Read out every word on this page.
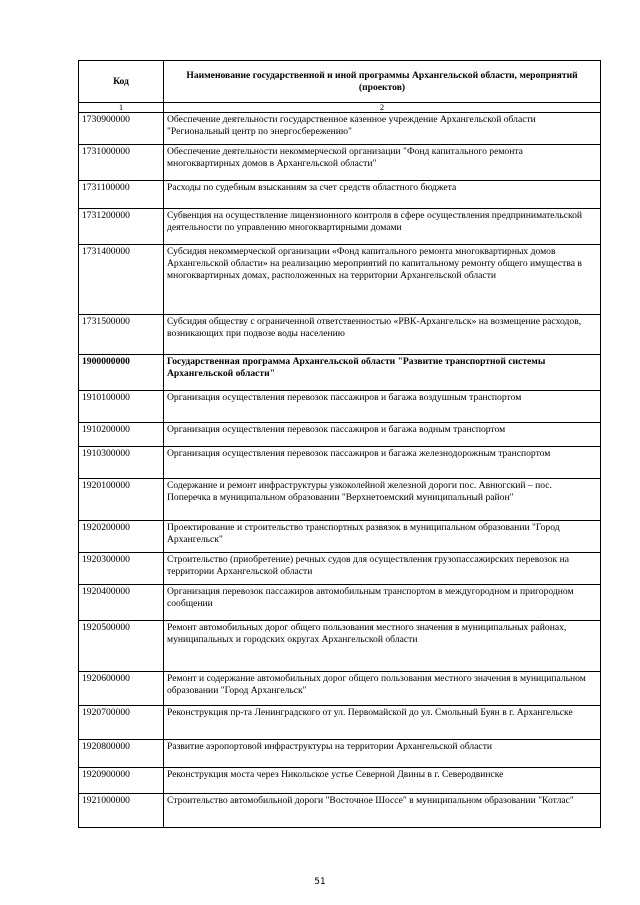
Код	Наименование государственной и иной программы Архангельской области, мероприятий (проектов)
1	2
1730900000	Обеспечение деятельности государственное казенное учреждение Архангельской области "Региональный центр по энергосбережению"
1731000000	Обеспечение деятельности некоммерческой организации "Фонд капитального ремонта многоквартирных домов в Архангельской области"
1731100000	Расходы по судебным взысканиям за счет средств областного бюджета
1731200000	Субвенция на осуществление лицензионного контроля в сфере осуществления предпринимательской деятельности по управлению многоквартирными домами
1731400000	Субсидия некоммерческой организации «Фонд капитального ремонта многоквартирных домов Архангельской области» на реализацию мероприятий по капитальному ремонту общего имущества в многоквартирных домах, расположенных на территории Архангельской области
1731500000	Субсидия обществу с ограниченной ответственностью «РВК-Архангельск» на возмещение расходов, возникающих при подвозе воды населению
1900000000	Государственная программа Архангельской области "Развитие транспортной системы Архангельской области"
1910100000	Организация осуществления перевозок пассажиров и багажа воздушным транспортом
1910200000	Организация осуществления перевозок пассажиров и багажа водным транспортом
1910300000	Организация осуществления перевозок пассажиров и багажа железнодорожным транспортом
1920100000	Содержание и ремонт инфраструктуры узкоколейной железной дороги пос. Авнюгский – пос. Поперечка в муниципальном образовании "Верхнетоемский муниципальный район"
1920200000	Проектирование и строительство транспортных развязок в муниципальном образовании "Город Архангельск"
1920300000	Строительство (приобретение) речных судов для осуществления грузопассажирских перевозок на территории Архангельской области
1920400000	Организация перевозок пассажиров автомобильным транспортом в междугородном и пригородном сообщении
1920500000	Ремонт автомобильных дорог общего пользования местного значения в муниципальных районах, муниципальных и городских округах Архангельской области
1920600000	Ремонт и содержание автомобильных дорог общего пользования местного значения в муниципальном образовании "Город Архангельск"
1920700000	Реконструкция пр-та Ленинградского от ул. Первомайской до ул. Смольный Буян в г. Архангельске
1920800000	Развитие аэропортовой инфраструктуры на территории Архангельской области
1920900000	Реконструкция моста через Никольское устье Северной Двины в г. Северодвинске
1921000000	Строительство автомобильной дороги "Восточное Шоссе" в муниципальном образовании "Котлас"
51
